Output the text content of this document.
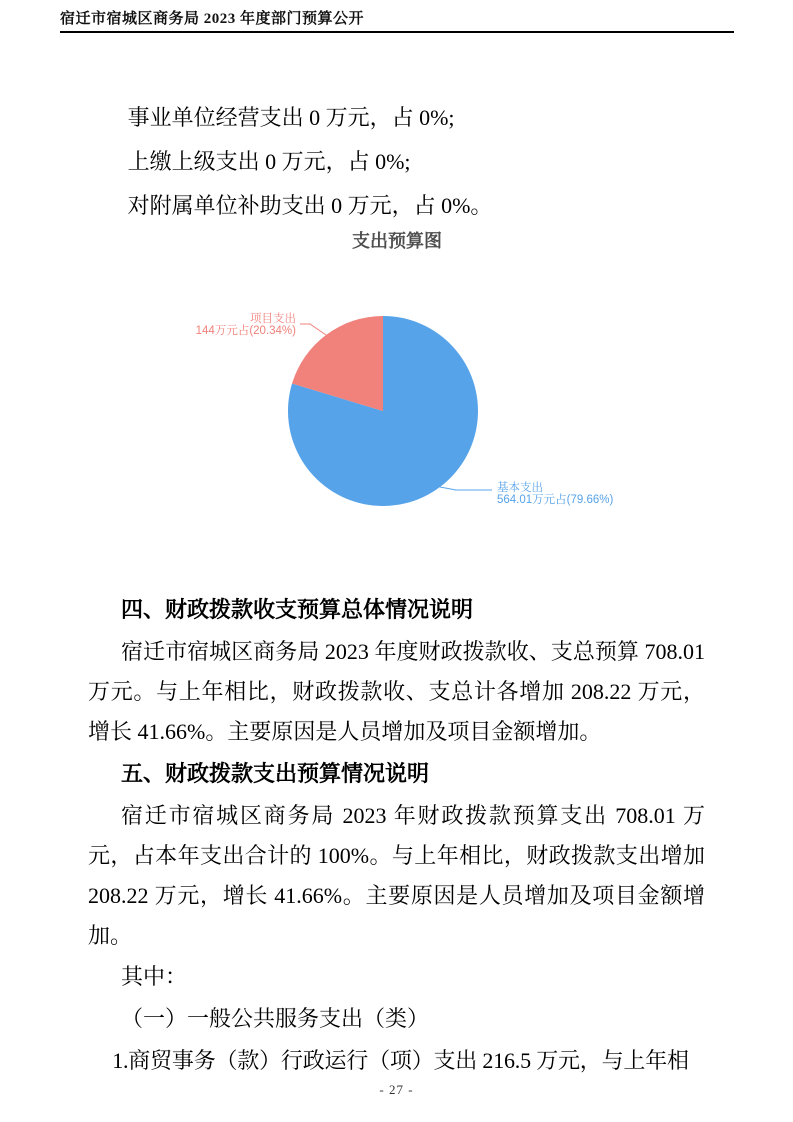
宿迁市宿城区商务局 2023 年度部门预算公开

事业单位经营支出 0 万元，占 0%;

上缴上级支出 0 万元，占 0%;

对附属单位补助支出 0 万元，占 0%。

支出预算图
项目支出
144万元占(20.34%)
基本支出
564.01万元占(79.66%)
四、财政拨款收支预算总体情况说明

宿迁市宿城区商务局 2023 年度财政拨款收、支总预算 708.01 万元。与上年相比，财政拨款收、支总计各增加 208.22 万元，增长 41.66%。主要原因是人员增加及项目金额增加。

五、财政拨款支出预算情况说明

宿迁市宿城区商务局 2023 年财政拨款预算支出 708.01 万元，占本年支出合计的 100%。与上年相比，财政拨款支出增加 208.22 万元，增长 41.66%。主要原因是人员增加及项目金额增加。

其中：

（一）一般公共服务支出（类）

1.商贸事务（款）行政运行（项）支出 216.5 万元，与上年相

- 27 -
